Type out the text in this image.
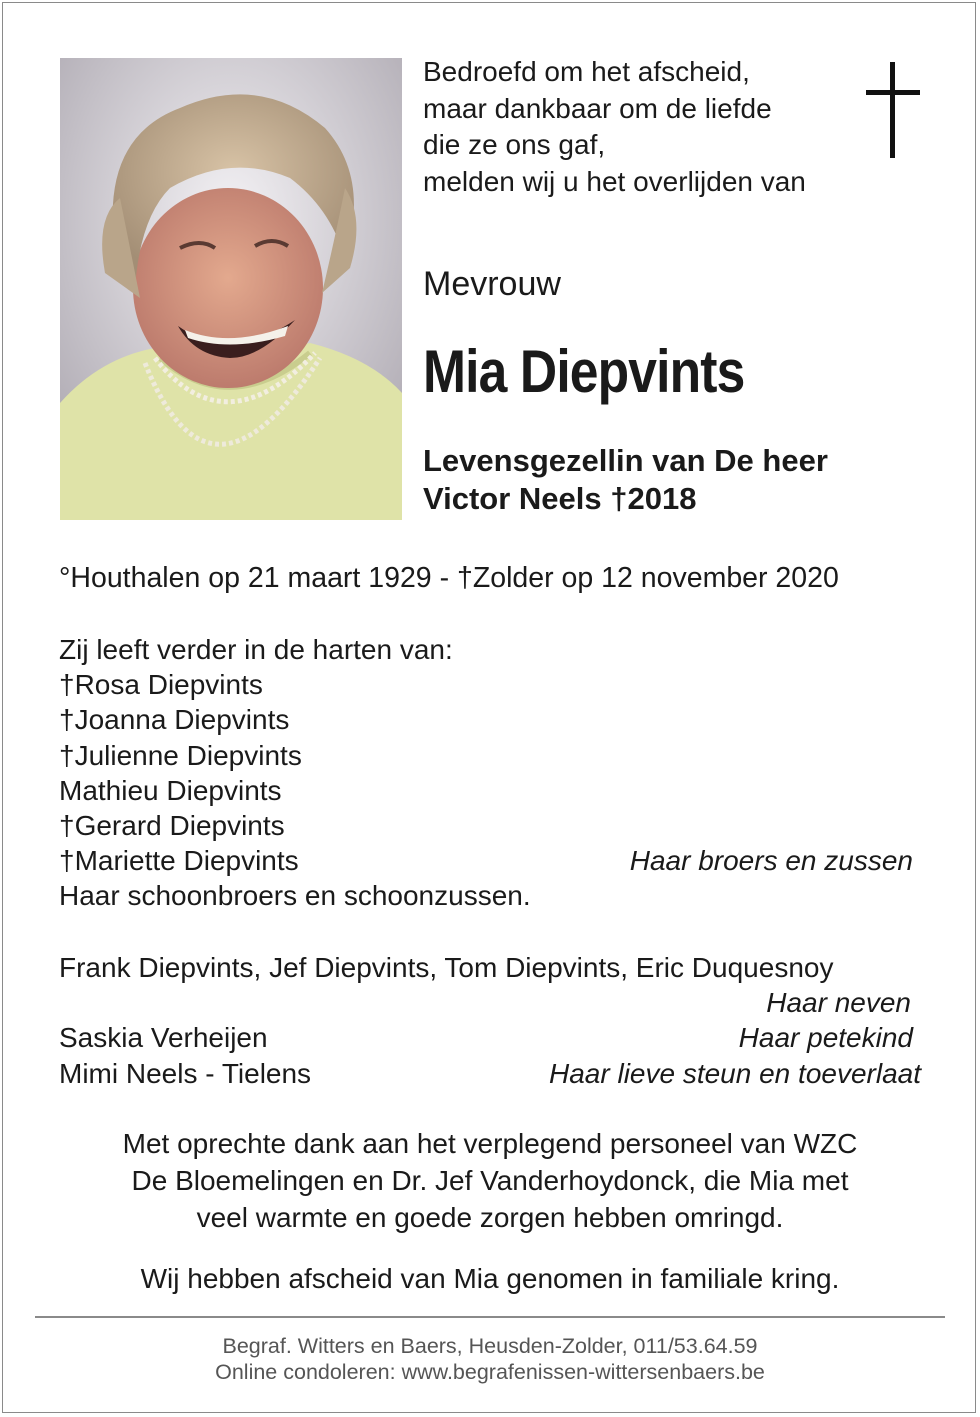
Bedroefd om het afscheid,
maar dankbaar om de liefde
die ze ons gaf,
melden wij u het overlijden van
Mevrouw
Mia Diepvints
Levensgezellin van De heer
Victor Neels †2018
°Houthalen op 21 maart 1929 - †Zolder op 12 november 2020
Zij leeft verder in de harten van:
†Rosa Diepvints
†Joanna Diepvints
†Julienne Diepvints
Mathieu Diepvints
†Gerard Diepvints
†Mariette Diepvints	Haar broers en zussen
Haar schoonbroers en schoonzussen.
Frank Diepvints, Jef Diepvints, Tom Diepvints, Eric Duquesnoy
Haar neven
Saskia Verheijen	Haar petekind
Mimi Neels - Tielens	Haar lieve steun en toeverlaat
Met oprechte dank aan het verplegend personeel van WZC
De Bloemelingen en Dr. Jef Vanderhoydonck, die Mia met
veel warmte en goede zorgen hebben omringd.
Wij hebben afscheid van Mia genomen in familiale kring.
Begraf. Witters en Baers, Heusden-Zolder, 011/53.64.59
Online condoleren: www.begrafenissen-wittersenbaers.be
